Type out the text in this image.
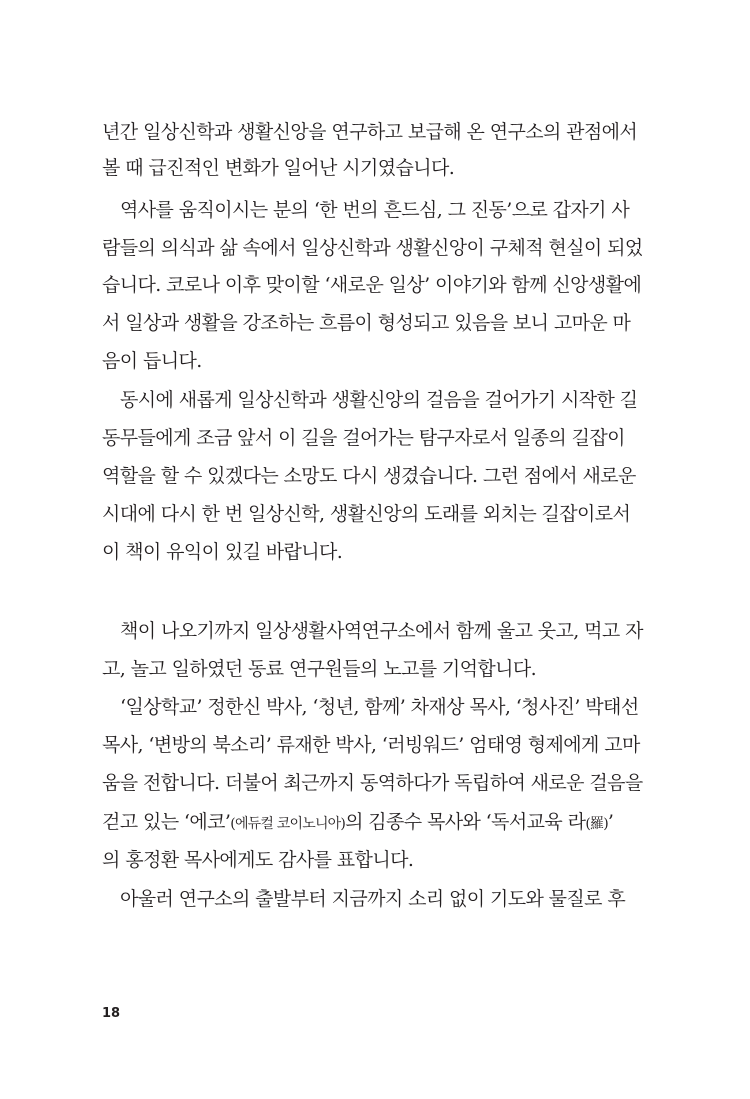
년간 일상신학과 생활신앙을 연구하고 보급해 온 연구소의 관점에서
볼 때 급진적인 변화가 일어난 시기였습니다.
역사를 움직이시는 분의 ‘한 번의 흔드심, 그 진동’으로 갑자기 사
람들의 의식과 삶 속에서 일상신학과 생활신앙이 구체적 현실이 되었
습니다. 코로나 이후 맞이할 ‘새로운 일상’ 이야기와 함께 신앙생활에
서 일상과 생활을 강조하는 흐름이 형성되고 있음을 보니 고마운 마
음이 듭니다.
동시에 새롭게 일상신학과 생활신앙의 걸음을 걸어가기 시작한 길
동무들에게 조금 앞서 이 길을 걸어가는 탐구자로서 일종의 길잡이
역할을 할 수 있겠다는 소망도 다시 생겼습니다. 그런 점에서 새로운
시대에 다시 한 번 일상신학, 생활신앙의 도래를 외치는 길잡이로서
이 책이 유익이 있길 바랍니다.
책이 나오기까지 일상생활사역연구소에서 함께 울고 웃고, 먹고 자
고, 놀고 일하였던 동료 연구원들의 노고를 기억합니다.
‘일상학교’ 정한신 박사, ‘청년, 함께’ 차재상 목사, ‘청사진’ 박태선
목사, ‘변방의 북소리’ 류재한 박사, ‘러빙워드’ 엄태영 형제에게 고마
움을 전합니다. 더불어 최근까지 동역하다가 독립하여 새로운 걸음을
걷고 있는 ‘에코’(에듀컬 코이노니아)의 김종수 목사와 ‘독서교육 라(羅)’
의 홍정환 목사에게도 감사를 표합니다.
아울러 연구소의 출발부터 지금까지 소리 없이 기도와 물질로 후
18
